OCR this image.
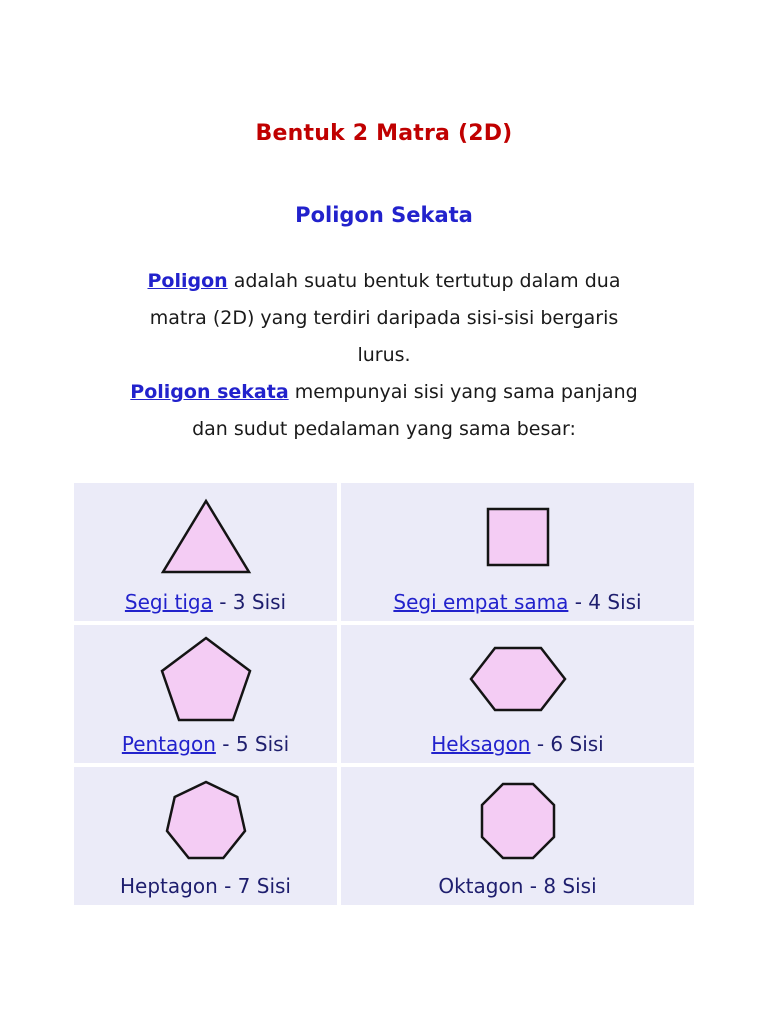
Bentuk 2 Matra (2D)
Poligon Sekata
Poligon adalah suatu bentuk tertutup dalam dua
matra (2D) yang terdiri daripada sisi-sisi bergaris
lurus.
Poligon sekata mempunyai sisi yang sama panjang
dan sudut pedalaman yang sama besar:
Segi tiga - 3 Sisi	Segi empat sama - 4 Sisi

Pentagon - 5 Sisi	Heksagon - 6 Sisi

Heptagon - 7 Sisi	Oktagon - 8 Sisi
